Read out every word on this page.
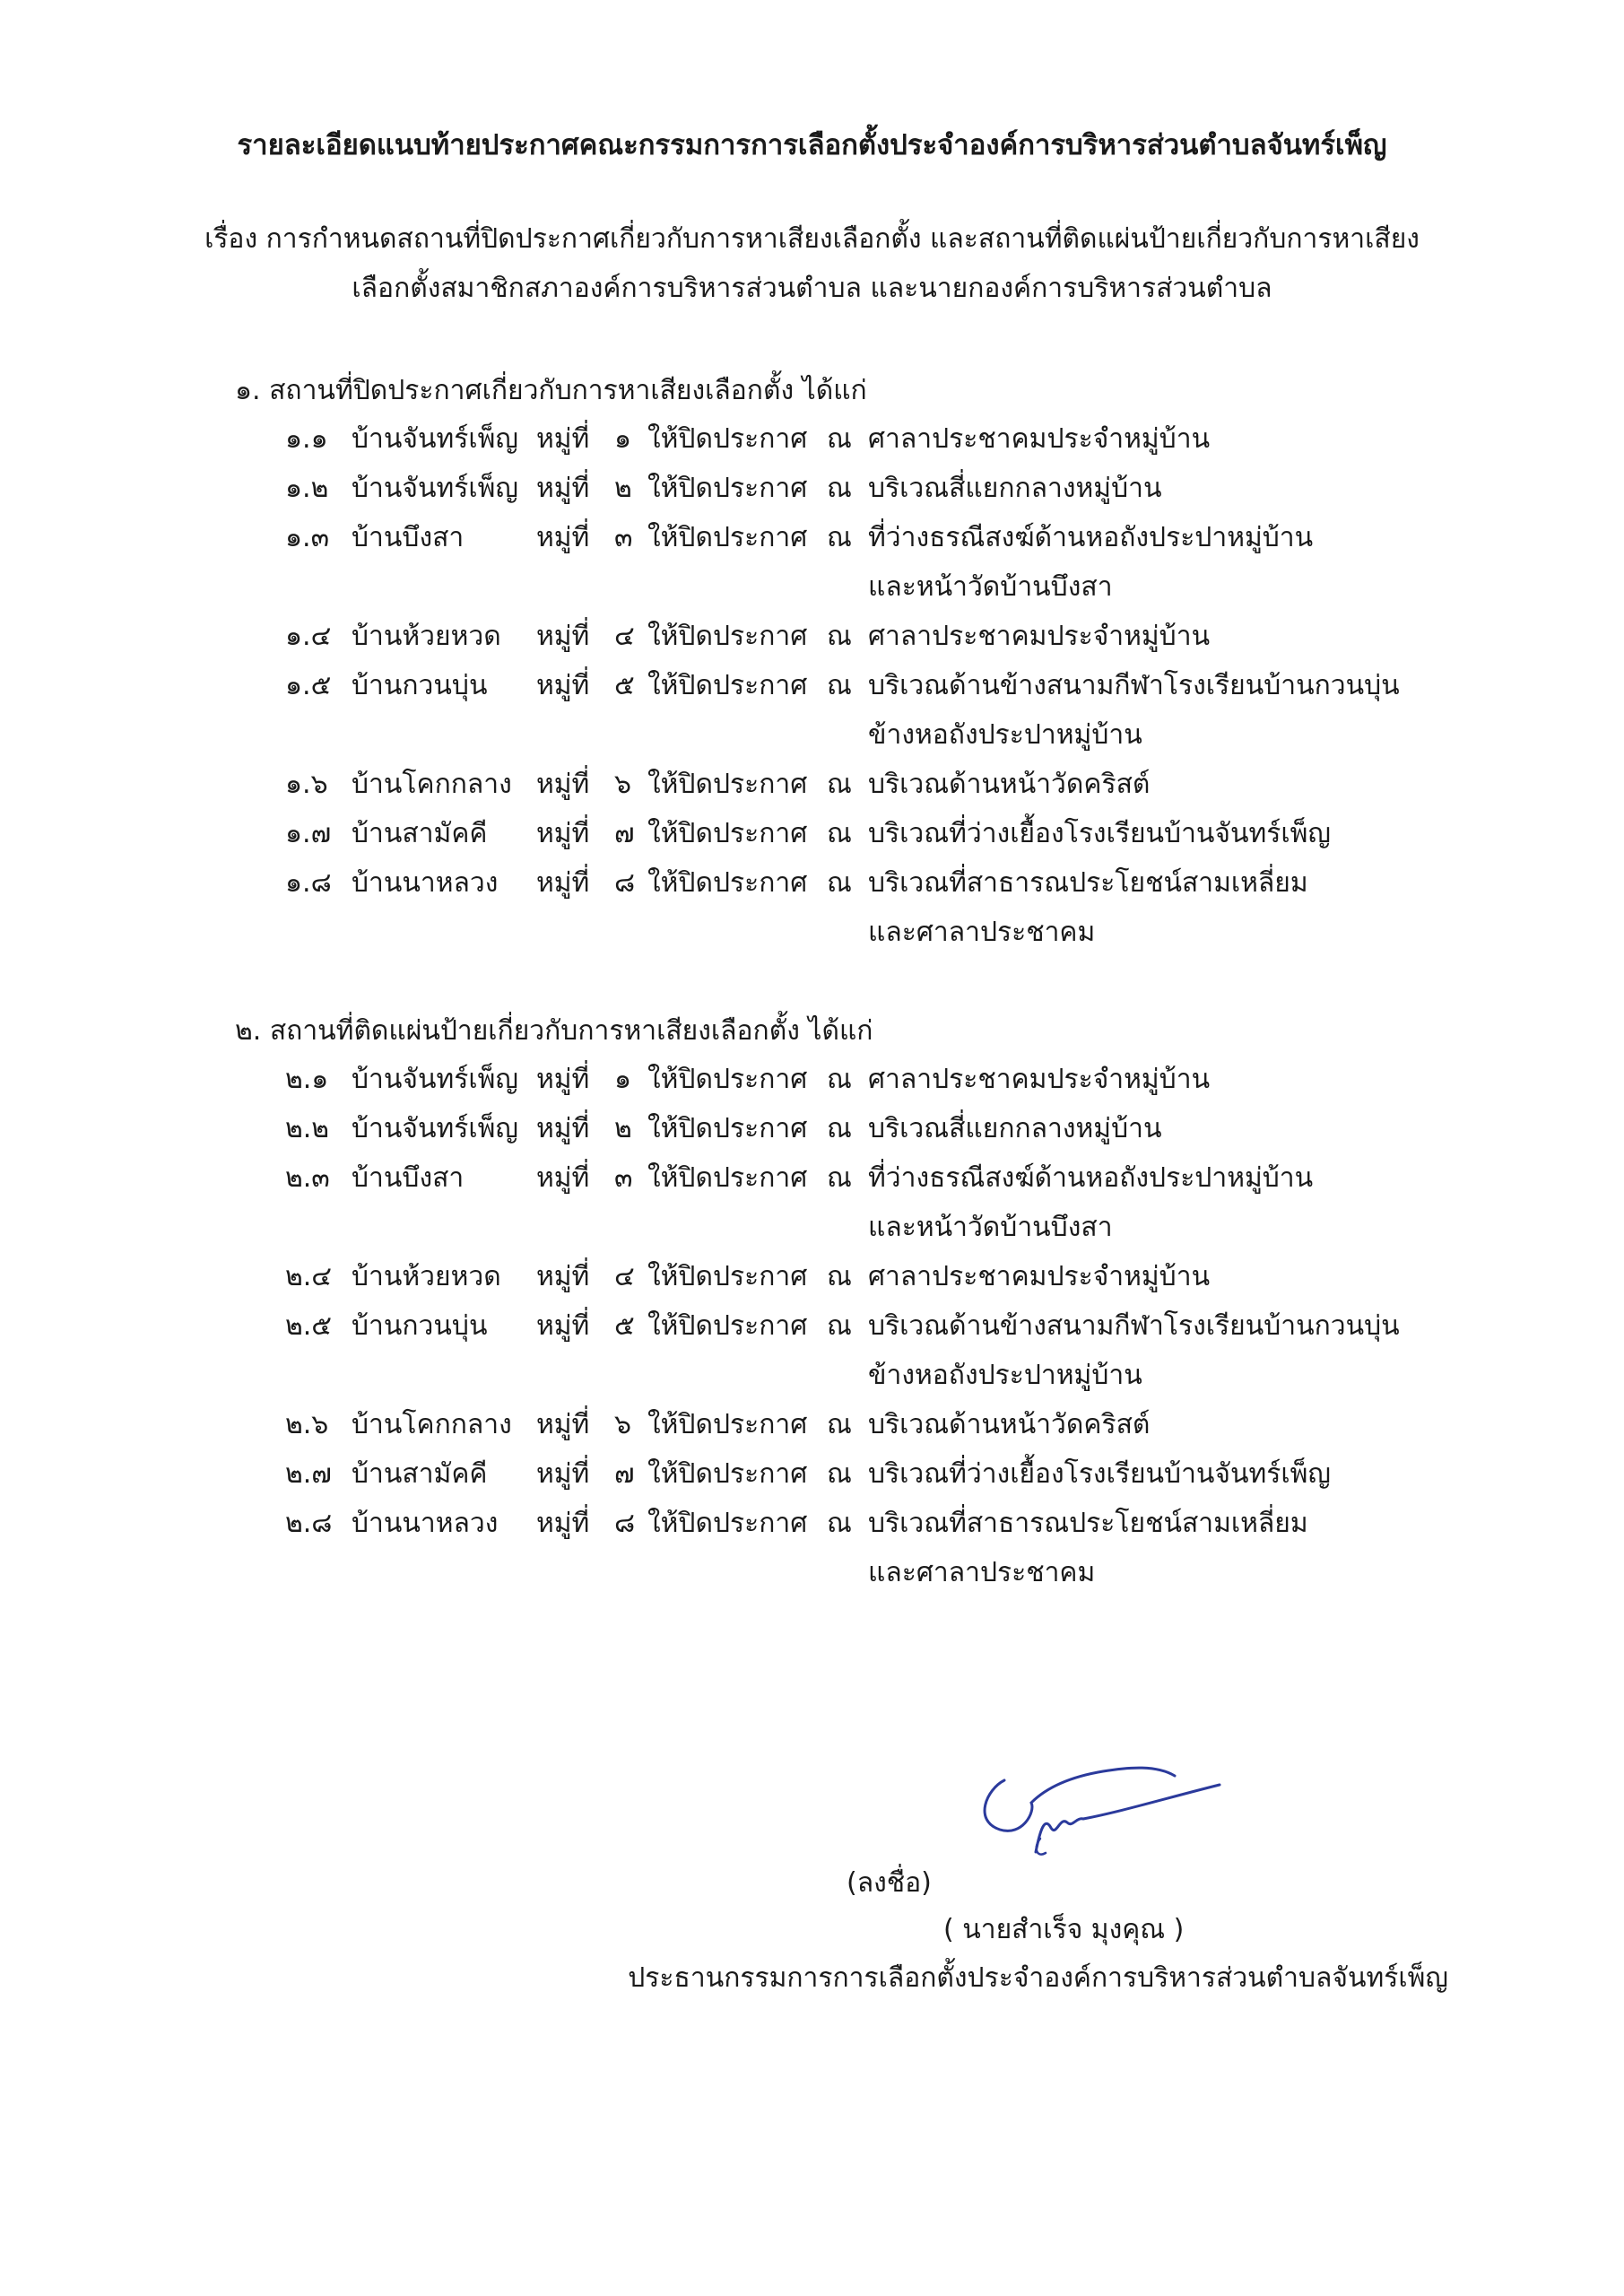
รายละเอียดแนบท้ายประกาศคณะกรรมการการเลือกตั้งประจำองค์การบริหารส่วนตำบลจันทร์เพ็ญ
เรื่อง การกำหนดสถานที่ปิดประกาศเกี่ยวกับการหาเสียงเลือกตั้ง และสถานที่ติดแผ่นป้ายเกี่ยวกับการหาเสียง
เลือกตั้งสมาชิกสภาองค์การบริหารส่วนตำบล และนายกองค์การบริหารส่วนตำบล
๑. สถานที่ปิดประกาศเกี่ยวกับการหาเสียงเลือกตั้ง ได้แก่
๑.๑ บ้านจันทร์เพ็ญ หมู่ที่ ๑ ให้ปิดประกาศ ณ ศาลาประชาคมประจำหมู่บ้าน
๑.๒ บ้านจันทร์เพ็ญ หมู่ที่ ๒ ให้ปิดประกาศ ณ บริเวณสี่แยกกลางหมู่บ้าน
๑.๓ บ้านบึงสา	หมู่ที่ ๓ ให้ปิดประกาศ ณ ที่ว่างธรณีสงฆ์ด้านหอถังประปาหมู่บ้าน
และหน้าวัดบ้านบึงสา
๑.๔ บ้านห้วยหวด หมู่ที่ ๔ ให้ปิดประกาศ ณ ศาลาประชาคมประจำหมู่บ้าน
๑.๕ บ้านกวนบุ่น หมู่ที่ ๕ ให้ปิดประกาศ ณ บริเวณด้านข้างสนามกีฬาโรงเรียนบ้านกวนบุ่น
ข้างหอถังประปาหมู่บ้าน
๑.๖ บ้านโคกกลาง หมู่ที่ ๖ ให้ปิดประกาศ ณ บริเวณด้านหน้าวัดคริสต์
๑.๗ บ้านสามัคคี หมู่ที่ ๗ ให้ปิดประกาศ ณ บริเวณที่ว่างเยื้องโรงเรียนบ้านจันทร์เพ็ญ
๑.๘ บ้านนาหลวง หมู่ที่ ๘ ให้ปิดประกาศ ณ บริเวณที่สาธารณประโยชน์สามเหลี่ยม
และศาลาประชาคม
๒. สถานที่ติดแผ่นป้ายเกี่ยวกับการหาเสียงเลือกตั้ง ได้แก่
๒.๑ บ้านจันทร์เพ็ญ หมู่ที่ ๑ ให้ปิดประกาศ ณ ศาลาประชาคมประจำหมู่บ้าน
๒.๒ บ้านจันทร์เพ็ญ หมู่ที่ ๒ ให้ปิดประกาศ ณ บริเวณสี่แยกกลางหมู่บ้าน
๒.๓ บ้านบึงสา	หมู่ที่ ๓ ให้ปิดประกาศ ณ ที่ว่างธรณีสงฆ์ด้านหอถังประปาหมู่บ้าน
และหน้าวัดบ้านบึงสา
๒.๔ บ้านห้วยหวด หมู่ที่ ๔ ให้ปิดประกาศ ณ ศาลาประชาคมประจำหมู่บ้าน
๒.๕ บ้านกวนบุ่น หมู่ที่ ๕ ให้ปิดประกาศ ณ บริเวณด้านข้างสนามกีฬาโรงเรียนบ้านกวนบุ่น
ข้างหอถังประปาหมู่บ้าน
๒.๖ บ้านโคกกลาง หมู่ที่ ๖ ให้ปิดประกาศ ณ บริเวณด้านหน้าวัดคริสต์
๒.๗ บ้านสามัคคี หมู่ที่ ๗ ให้ปิดประกาศ ณ บริเวณที่ว่างเยื้องโรงเรียนบ้านจันทร์เพ็ญ
๒.๘ บ้านนาหลวง หมู่ที่ ๘ ให้ปิดประกาศ ณ บริเวณที่สาธารณประโยชน์สามเหลี่ยม
และศาลาประชาคม
(ลงชื่อ)
( นายสำเร็จ มุงคุณ )
ประธานกรรมการการเลือกตั้งประจำองค์การบริหารส่วนตำบลจันทร์เพ็ญ
